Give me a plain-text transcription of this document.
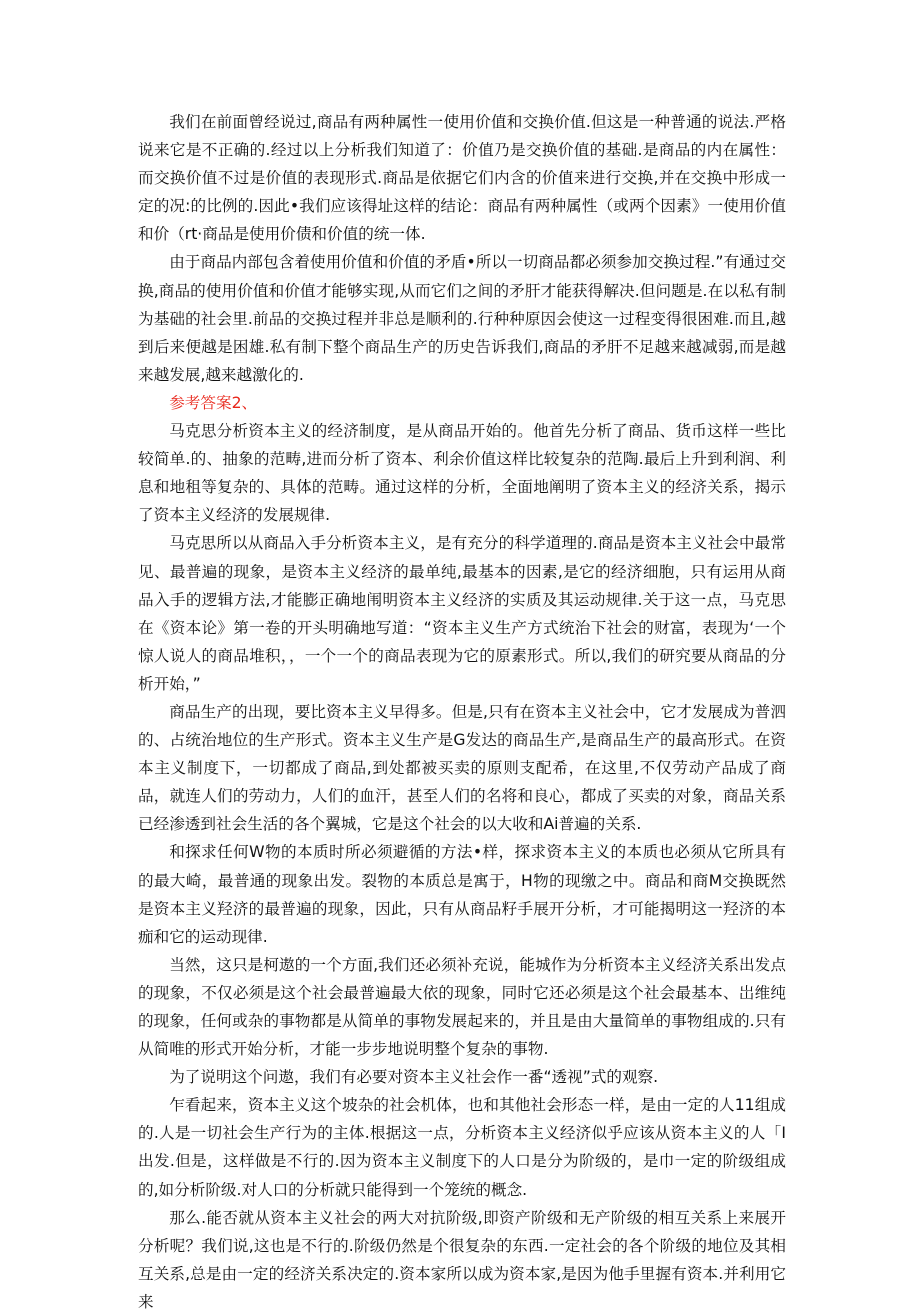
我们在前面曾经说过,商品有两种属性一使用价值和交换价值.但这是一种普通的说法.严格说来它是不正确的.经过以上分析我们知道了：价值乃是交换价值的基础.是商品的内在属性：而交换价值不过是价值的表现形式.商品是依据它们内含的价值来进行交换,并在交换中形成一定的况:的比例的.因此•我们应该得址这样的结论：商品有两种属性（或两个因素》一使用价值和价（rt·商品是使用价债和价值的统一体.

由于商品内部包含着使用价值和价值的矛盾•所以一切商品都必须参加交换过程.”有通过交换,商品的使用价值和价值才能够实现,从而它们之间的矛肝才能获得解决.但问题是.在以私有制为基础的社会里.前品的交换过程并非总是顺利的.行种种原因会使这一过程变得很困难.而且,越到后来便越是困雄.私有制下整个商品生产的历史告诉我们,商品的矛肝不足越来越减弱,而是越来越发展,越来越激化的.

参考答案2、

马克思分析资本主义的经济制度，是从商品开始的。他首先分析了商品、货币这样一些比较简单.的、抽象的范畴,进而分析了资本、利余价值这样比较复杂的范陶.最后上升到利润、利息和地租等复杂的、具体的范畴。通过这样的分析，全面地阐明了资本主义的经济关系，揭示了资本主义经济的发展规律.

马克思所以从商品入手分析资本主义，是有充分的科学道理的.商品是资本主义社会中最常见、最普遍的现象，是资本主义经济的最单纯,最基本的因素,是它的经济细胞，只有运用从商品入手的逻辑方法,才能膨正确地闱明资本主义经济的实质及其运动规律.关于这一点，马克思在《资本论》第一卷的开头明确地写道：“资本主义生产方式统治下社会的财富，表现为‘一个惊人说人的商品堆积，，一个一个的商品表现为它的原素形式。所以,我们的研究要从商品的分析开始，”

商品生产的出现，要比资本主义早得多。但是,只有在资本主义社会中，它才发展成为普泗的、占统治地位的生产形式。资本主义生产是G发达的商品生产,是商品生产的最高形式。在资本主义制度下，一切都成了商品,到处都被买卖的原则支配希，在这里,不仅劳动产品成了商品，就连人们的劳动力，人们的血汗，甚至人们的名将和良心，都成了买卖的对象，商品关系已经渗透到社会生活的各个翼城，它是这个社会的以大收和Ai普遍的关系.

和探求任何W物的本质时所必须避循的方法•样，探求资本主义的本质也必须从它所具有的最大崎，最普通的现象出发。裂物的本质总是寓于，H物的现缴之中。商品和商M交换既然是资本主义羟济的最普遍的现象，因此，只有从商品籽手展开分析，才可能揭明这一羟济的本痂和它的运动现律.

当然，这只是柯遨的一个方面,我们还必须补充说，能城作为分析资本主义经济关系出发点的现象，不仅必须是这个社会最普遍最大依的现象，同时它还必须是这个社会最基本、岀维纯的现象，任何或杂的事物都是从简单的事物发展起来的，并且是由大量简单的事物组成的.只有从简唯的形式开始分析，才能一步步地说明整个复杂的事物.

为了说明这个问遨，我们有必要对资本主义社会作一番“透视”式的观察.

乍看起来，资本主义这个坡杂的社会机体，也和其他社会形态一样，是由一定的人11组成的.人是一切社会生产行为的主体.根据这一点，分析资本主义经济似乎应该从资本主义的人「I出发.但是，这样做是不行的.因为资本主义制度下的人口是分为阶级的，是巾一定的阶级组成的,如分析阶级.对人口的分析就只能得到一个笼统的概念.

那么.能否就从资本主义社会的两大对抗阶级,即资产阶级和无产阶级的相互关系上来展开分析呢？我们说,这也是不行的.阶级仍然是个很复杂的东西.一定社会的各个阶级的地位及其相互关系,总是由一定的经济关系决定的.资本家所以成为资本家,是因为他手里握有资本.并利用它来
